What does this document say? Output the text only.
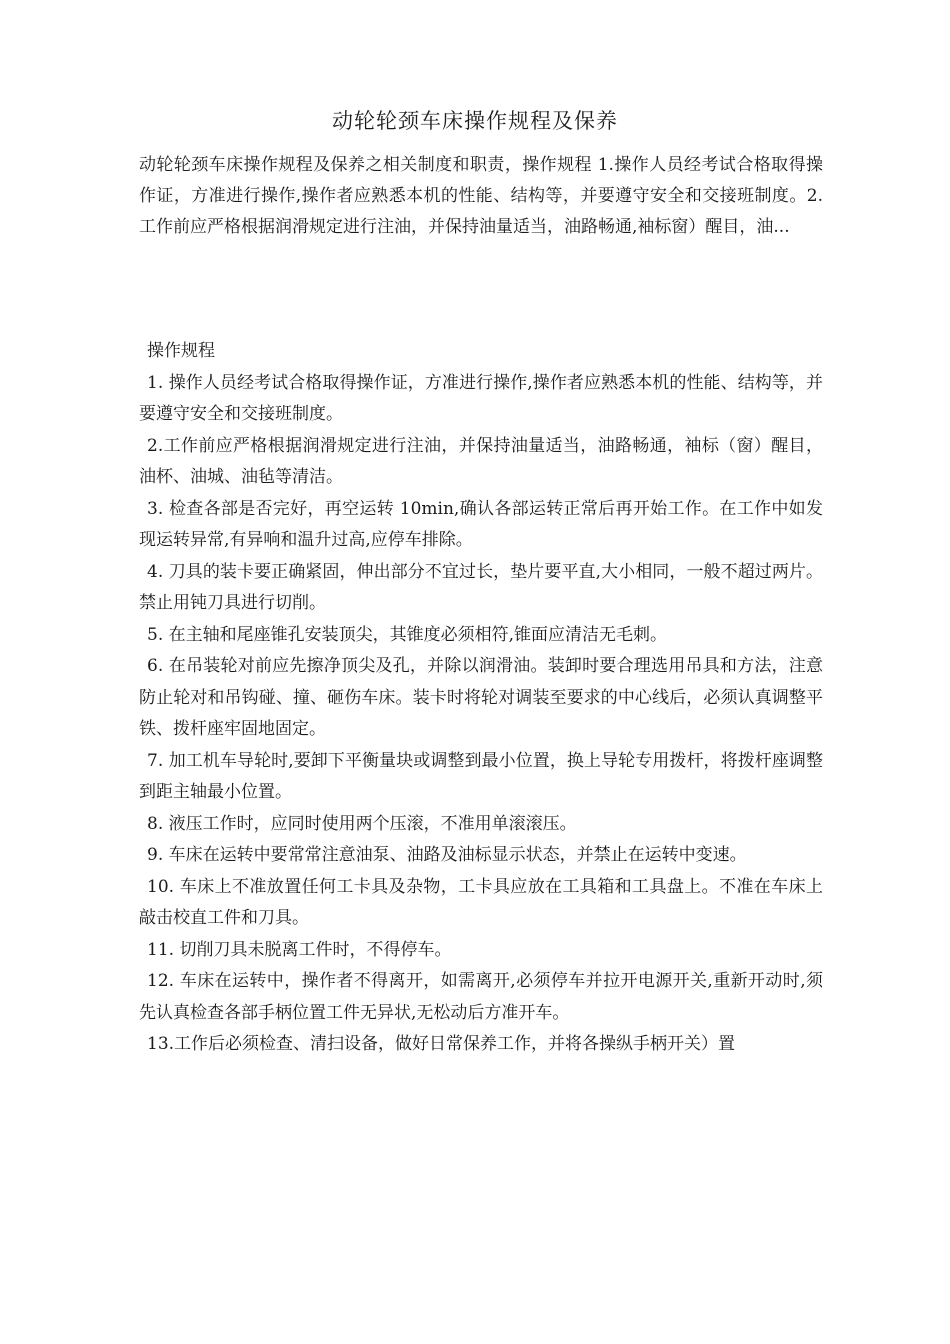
动轮轮颈车床操作规程及保养

动轮轮颈车床操作规程及保养之相关制度和职责，操作规程 1.操作人员经考试合格取得操作证，方准进行操作,操作者应熟悉本机的性能、结构等，并要遵守安全和交接班制度。2.工作前应严格根据润滑规定进行注油，并保持油量适当，油路畅通,袖标窗）醒目，油...

操作规程

1. 操作人员经考试合格取得操作证，方准进行操作,操作者应熟悉本机的性能、结构等，并要遵守安全和交接班制度。

2.工作前应严格根据润滑规定进行注油，并保持油量适当，油路畅通，袖标（窗）醒目，油杯、油城、油毡等清洁。

3. 检查各部是否完好，再空运转 10min,确认各部运转正常后再开始工作。在工作中如发现运转异常,有异响和温升过高,应停车排除。

4. 刀具的装卡要正确紧固，伸出部分不宜过长，垫片要平直,大小相同，一般不超过两片。禁止用钝刀具进行切削。

5. 在主轴和尾座锥孔安装顶尖，其锥度必须相符,锥面应清洁无毛刺。

6. 在吊装轮对前应先擦净顶尖及孔，并除以润滑油。装卸时要合理选用吊具和方法，注意防止轮对和吊钩碰、撞、砸伤车床。装卡时将轮对调装至要求的中心线后，必须认真调整平铁、拨杆座牢固地固定。

7. 加工机车导轮时,要卸下平衡量块或调整到最小位置，换上导轮专用拨杆，将拨杆座调整到距主轴最小位置。

8. 液压工作时，应同时使用两个压滚，不准用单滚滚压。

9. 车床在运转中要常常注意油泵、油路及油标显示状态，并禁止在运转中变速。

10. 车床上不准放置任何工卡具及杂物，工卡具应放在工具箱和工具盘上。不准在车床上敲击校直工件和刀具。

11. 切削刀具未脱离工件时，不得停车。

12. 车床在运转中，操作者不得离开，如需离开,必须停车并拉开电源开关,重新开动时,须先认真检查各部手柄位置工件无异状,无松动后方准开车。

13.工作后必须检查、清扫设备，做好日常保养工作，并将各操纵手柄开关）置
